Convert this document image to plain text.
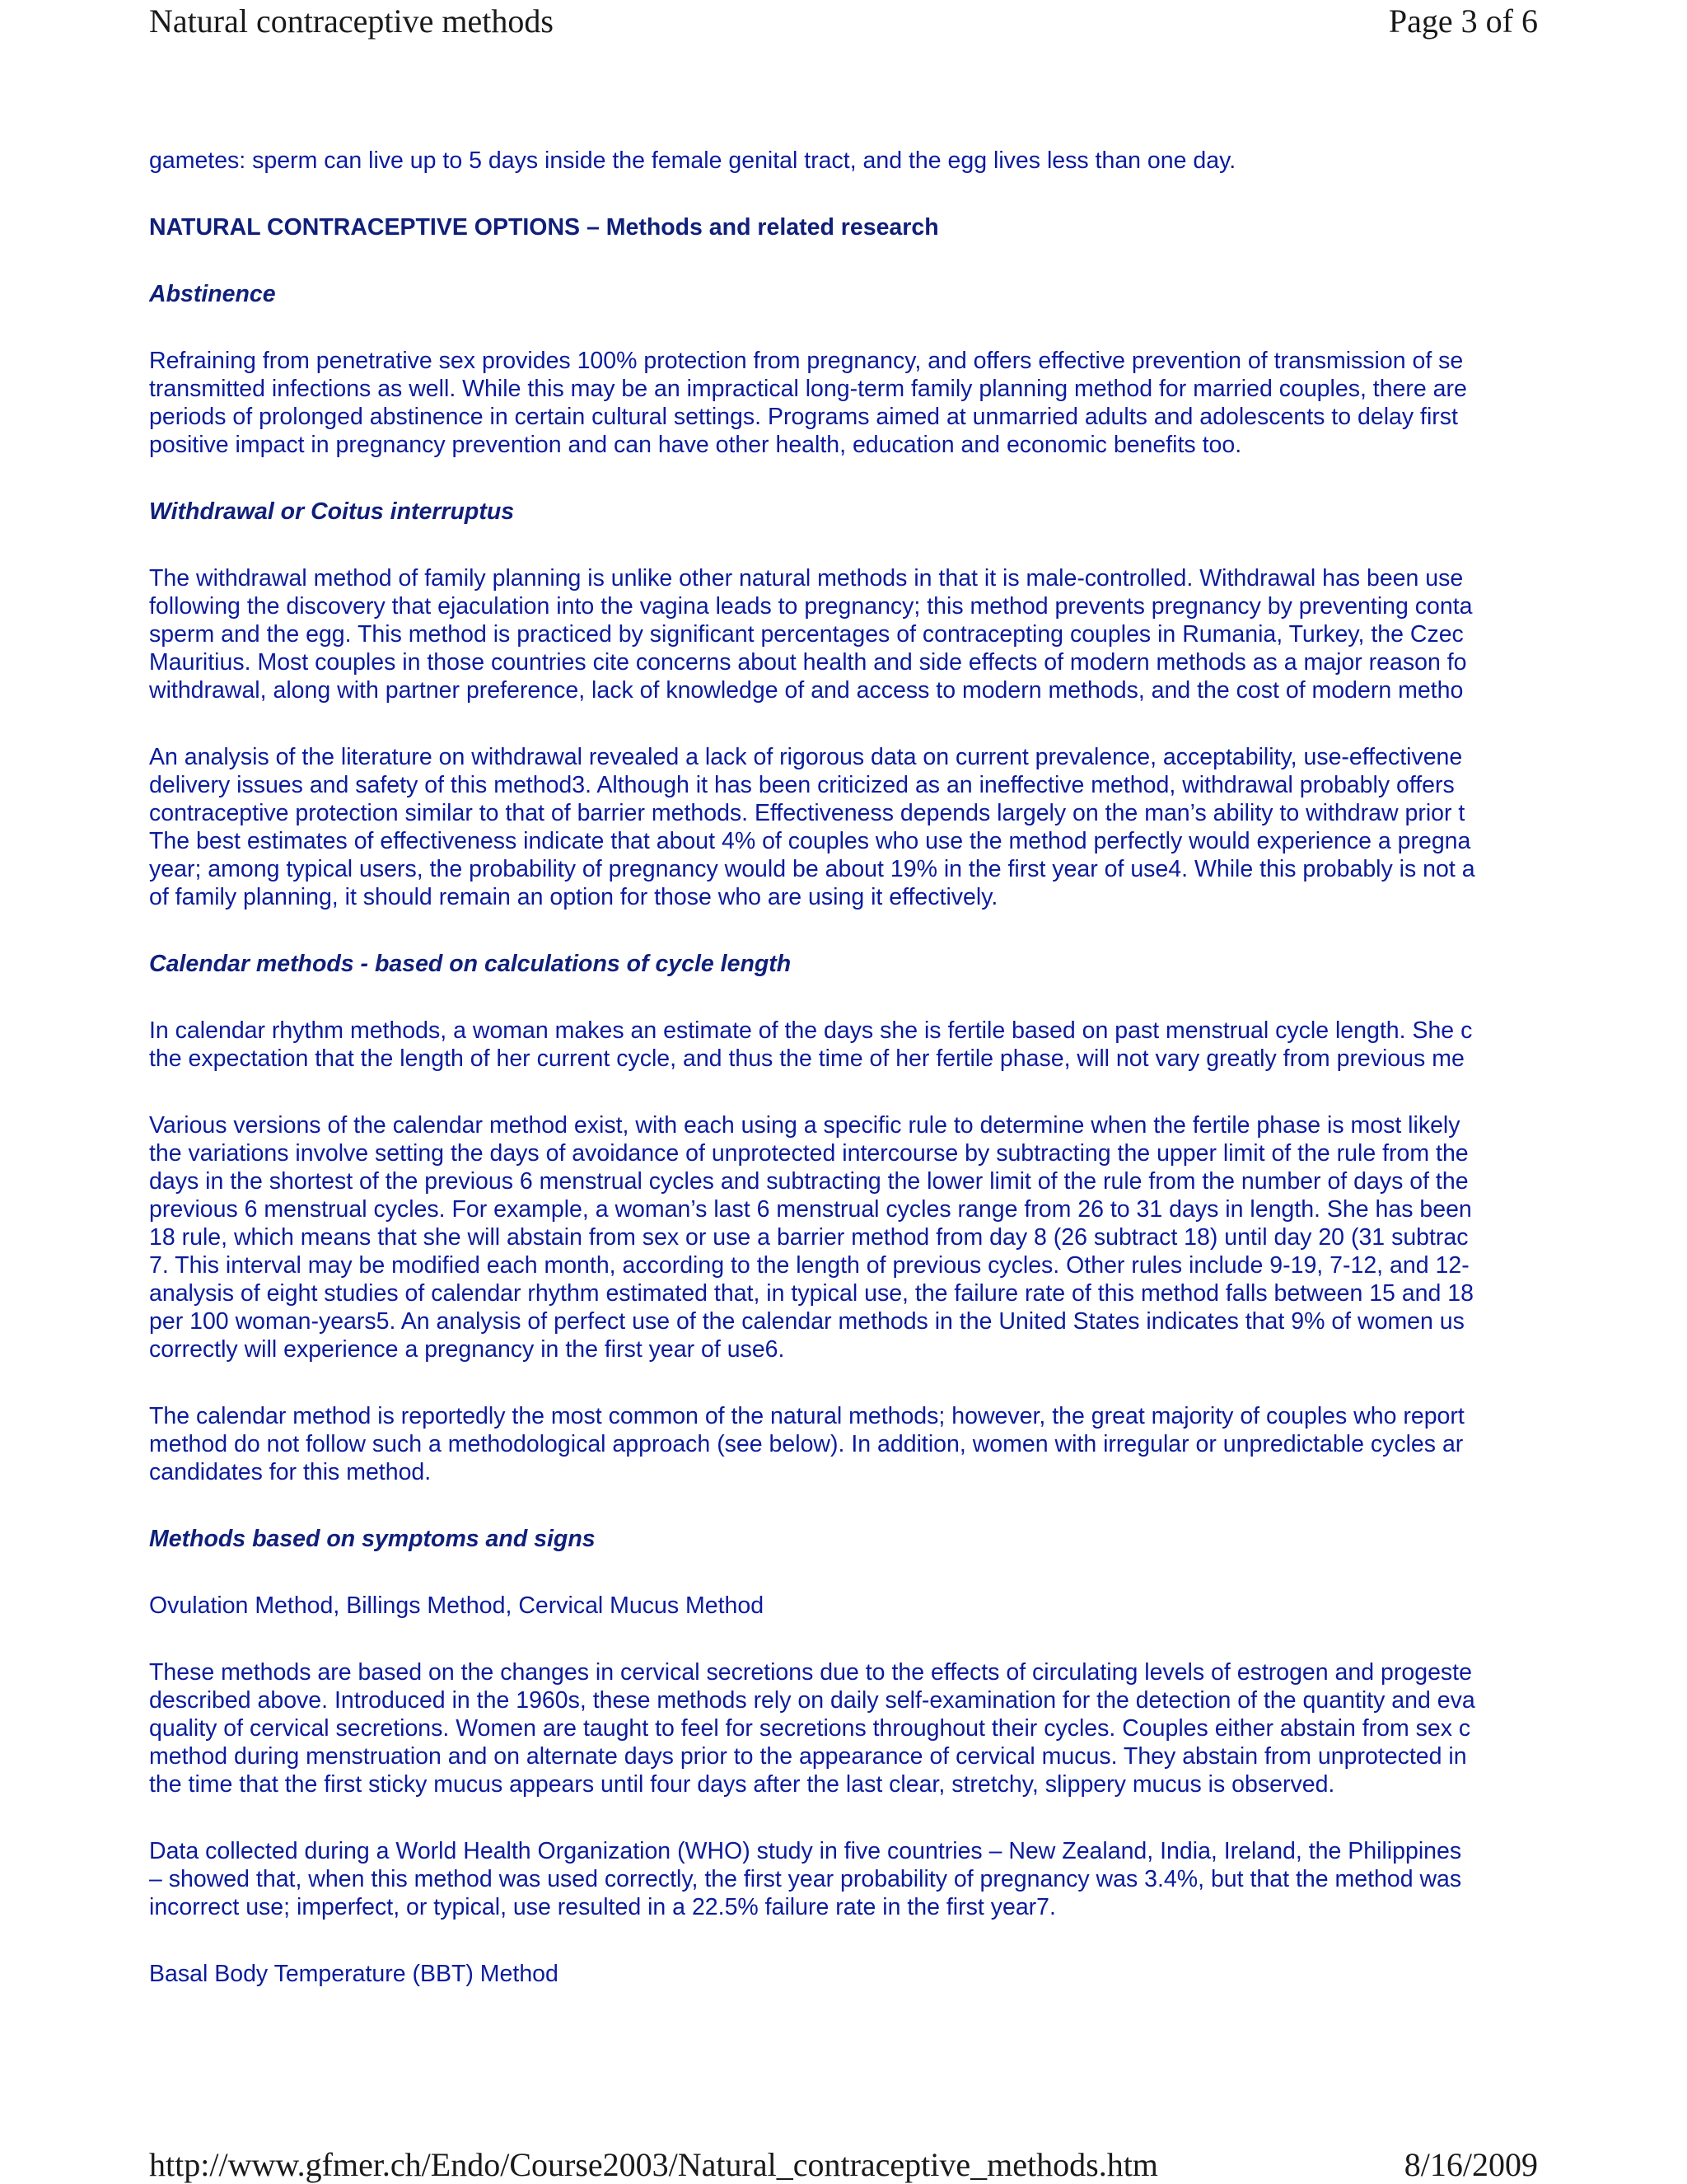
Natural contraceptive methods	Page 3 of 6

gametes: sperm can live up to 5 days inside the female genital tract, and the egg lives less than one day.

NATURAL CONTRACEPTIVE OPTIONS – Methods and related research

Abstinence

Refraining from penetrative sex provides 100% protection from pregnancy, and offers effective prevention of transmission of se
transmitted infections as well. While this may be an impractical long-term family planning method for married couples, there are
periods of prolonged abstinence in certain cultural settings. Programs aimed at unmarried adults and adolescents to delay first
positive impact in pregnancy prevention and can have other health, education and economic benefits too.

Withdrawal or Coitus interruptus

The withdrawal method of family planning is unlike other natural methods in that it is male-controlled. Withdrawal has been use
following the discovery that ejaculation into the vagina leads to pregnancy; this method prevents pregnancy by preventing conta
sperm and the egg. This method is practiced by significant percentages of contracepting couples in Rumania, Turkey, the Czec
Mauritius. Most couples in those countries cite concerns about health and side effects of modern methods as a major reason fo
withdrawal, along with partner preference, lack of knowledge of and access to modern methods, and the cost of modern metho

An analysis of the literature on withdrawal revealed a lack of rigorous data on current prevalence, acceptability, use-effectivene
delivery issues and safety of this method3. Although it has been criticized as an ineffective method, withdrawal probably offers
contraceptive protection similar to that of barrier methods. Effectiveness depends largely on the man’s ability to withdraw prior t
The best estimates of effectiveness indicate that about 4% of couples who use the method perfectly would experience a pregna
year; among typical users, the probability of pregnancy would be about 19% in the first year of use4. While this probably is not a
of family planning, it should remain an option for those who are using it effectively.

Calendar methods - based on calculations of cycle length

In calendar rhythm methods, a woman makes an estimate of the days she is fertile based on past menstrual cycle length. She c
the expectation that the length of her current cycle, and thus the time of her fertile phase, will not vary greatly from previous me

Various versions of the calendar method exist, with each using a specific rule to determine when the fertile phase is most likely
the variations involve setting the days of avoidance of unprotected intercourse by subtracting the upper limit of the rule from the
days in the shortest of the previous 6 menstrual cycles and subtracting the lower limit of the rule from the number of days of the
previous 6 menstrual cycles. For example, a woman’s last 6 menstrual cycles range from 26 to 31 days in length. She has been
18 rule, which means that she will abstain from sex or use a barrier method from day 8 (26 subtract 18) until day 20 (31 subtrac
7. This interval may be modified each month, according to the length of previous cycles. Other rules include 9-19, 7-12, and 12-
analysis of eight studies of calendar rhythm estimated that, in typical use, the failure rate of this method falls between 15 and 18
per 100 woman-years5. An analysis of perfect use of the calendar methods in the United States indicates that 9% of women us
correctly will experience a pregnancy in the first year of use6.

The calendar method is reportedly the most common of the natural methods; however, the great majority of couples who report
method do not follow such a methodological approach (see below). In addition, women with irregular or unpredictable cycles ar
candidates for this method.

Methods based on symptoms and signs

Ovulation Method, Billings Method, Cervical Mucus Method

These methods are based on the changes in cervical secretions due to the effects of circulating levels of estrogen and progeste
described above. Introduced in the 1960s, these methods rely on daily self-examination for the detection of the quantity and eva
quality of cervical secretions. Women are taught to feel for secretions throughout their cycles. Couples either abstain from sex c
method during menstruation and on alternate days prior to the appearance of cervical mucus. They abstain from unprotected in
the time that the first sticky mucus appears until four days after the last clear, stretchy, slippery mucus is observed.

Data collected during a World Health Organization (WHO) study in five countries – New Zealand, India, Ireland, the Philippines
– showed that, when this method was used correctly, the first year probability of pregnancy was 3.4%, but that the method was
incorrect use; imperfect, or typical, use resulted in a 22.5% failure rate in the first year7.

Basal Body Temperature (BBT) Method

http://www.gfmer.ch/Endo/Course2003/Natural_contraceptive_methods.htm	8/16/2009
